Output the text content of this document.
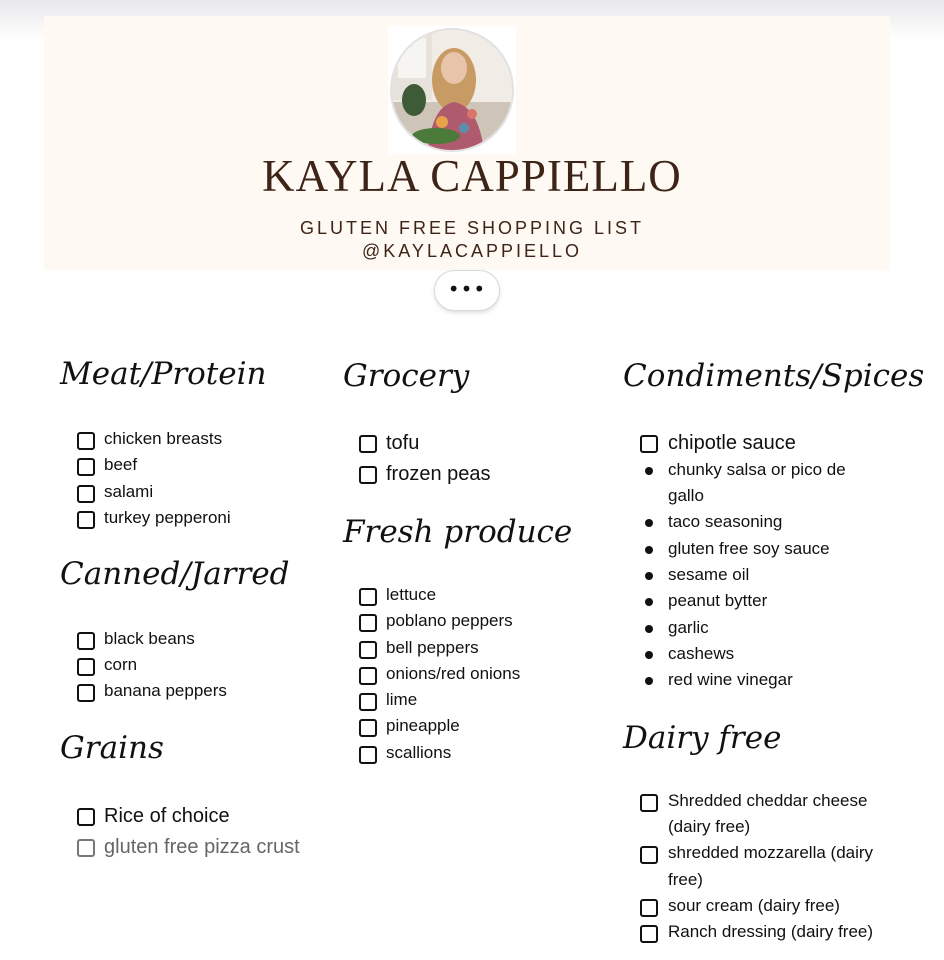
KAYLA CAPPIELLO
GLUTEN FREE SHOPPING LIST
@KAYLACAPPIELLO
•••
Meat/Protein
chicken breasts
beef
salami
turkey pepperoni
Canned/Jarred
black beans
corn
banana peppers
Grains
Rice of choice
gluten free pizza crust
Grocery
tofu
frozen peas
Fresh produce
lettuce
poblano peppers
bell peppers
onions/red onions
lime
pineapple
scallions
Condiments/Spices
chipotle sauce
chunky salsa or pico de
gallo
taco seasoning
gluten free soy sauce
sesame oil
peanut bytter
garlic
cashews
red wine vinegar
Dairy free
Shredded cheddar cheese
(dairy free)
shredded mozzarella (dairy
free)
sour cream (dairy free)
Ranch dressing (dairy free)
